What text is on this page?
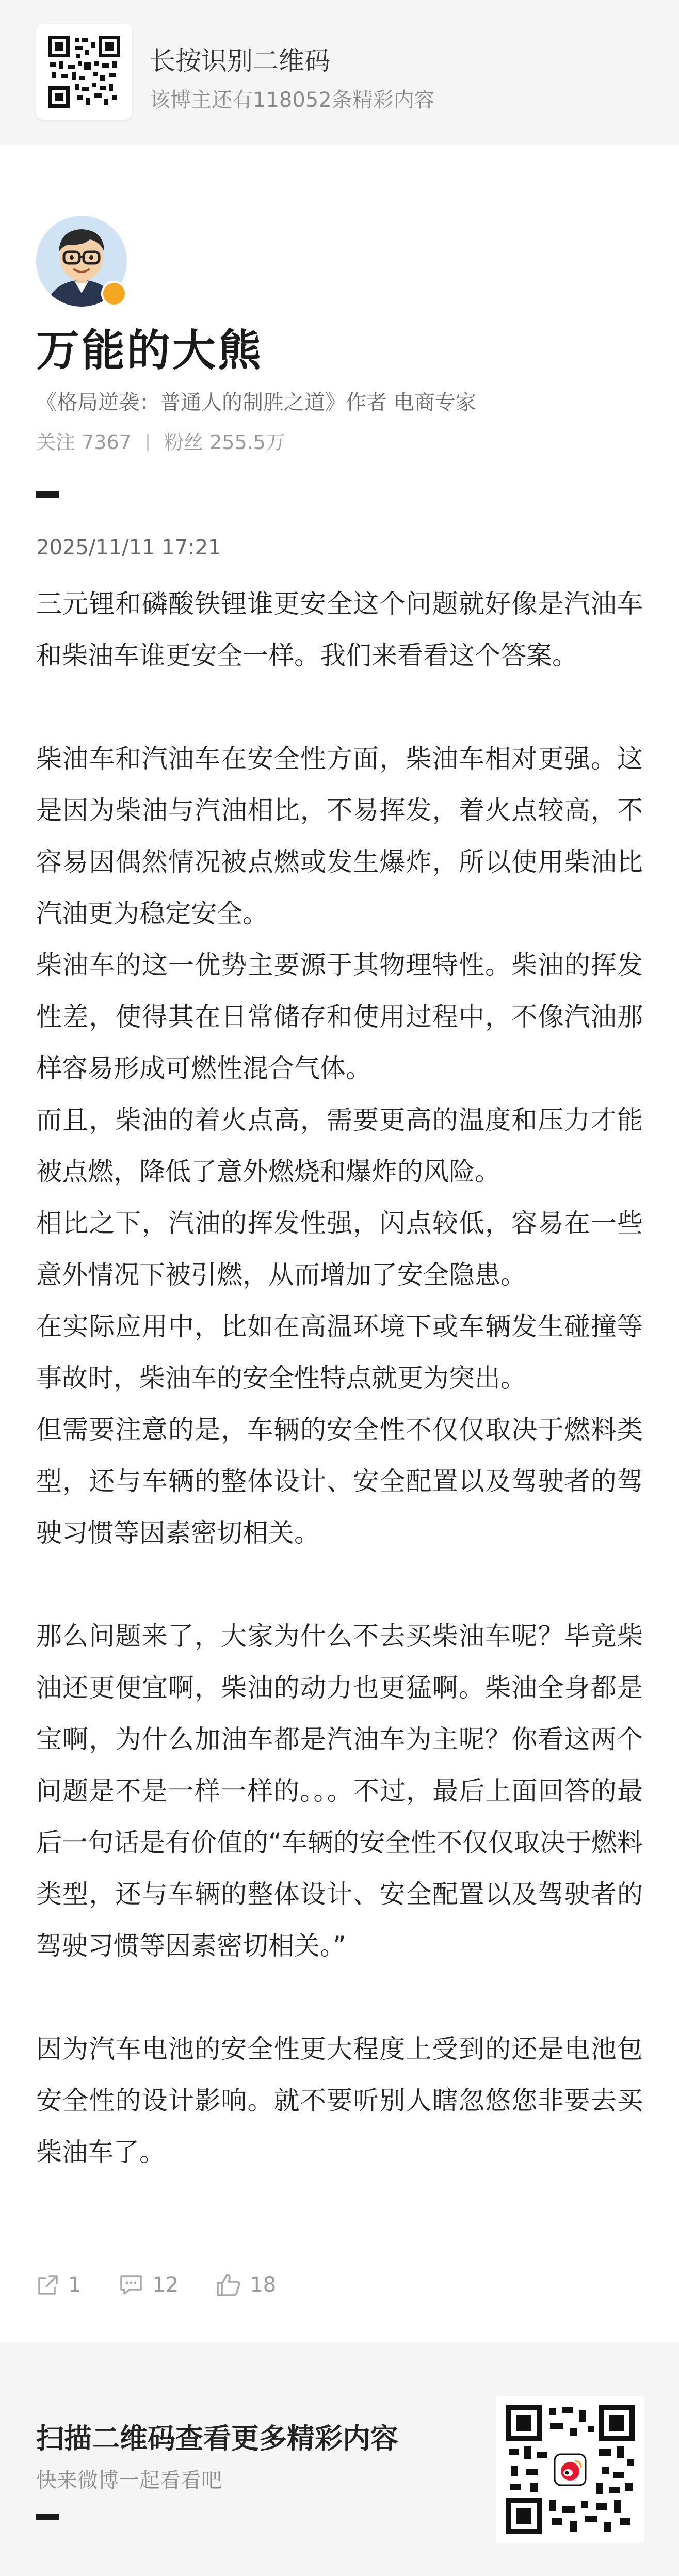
长按识别二维码
该博主还有118052条精彩内容
万能的大熊
《格局逆袭：普通人的制胜之道》作者 电商专家
关注 7367 粉丝 255.5万
2025/11/11 17:21

三元锂和磷酸铁锂谁更安全这个问题就好像是汽油车和柴油车谁更安全一样。我们来看看这个答案。

柴油车和汽油车在安全性方面，柴油车相对更强。这是因为柴油与汽油相比，不易挥发，着火点较高，不容易因偶然情况被点燃或发生爆炸，所以使用柴油比汽油更为稳定安全。

柴油车的这一优势主要源于其物理特性。柴油的挥发性差，使得其在日常储存和使用过程中，不像汽油那样容易形成可燃性混合气体。

而且，柴油的着火点高，需要更高的温度和压力才能被点燃，降低了意外燃烧和爆炸的风险。

相比之下，汽油的挥发性强，闪点较低，容易在一些意外情况下被引燃，从而增加了安全隐患。

在实际应用中，比如在高温环境下或车辆发生碰撞等事故时，柴油车的安全性特点就更为突出。

但需要注意的是，车辆的安全性不仅仅取决于燃料类型，还与车辆的整体设计、安全配置以及驾驶者的驾驶习惯等因素密切相关。

那么问题来了，大家为什么不去买柴油车呢？毕竟柴油还更便宜啊，柴油的动力也更猛啊。柴油全身都是宝啊，为什么加油车都是汽油车为主呢？你看这两个问题是不是一样一样的。。。不过，最后上面回答的最后一句话是有价值的“车辆的安全性不仅仅取决于燃料类型，还与车辆的整体设计、安全配置以及驾驶者的驾驶习惯等因素密切相关。”

因为汽车电池的安全性更大程度上受到的还是电池包安全性的设计影响。就不要听别人瞎忽悠您非要去买柴油车了。

1	12	18
扫描二维码查看更多精彩内容
快来微博一起看看吧
